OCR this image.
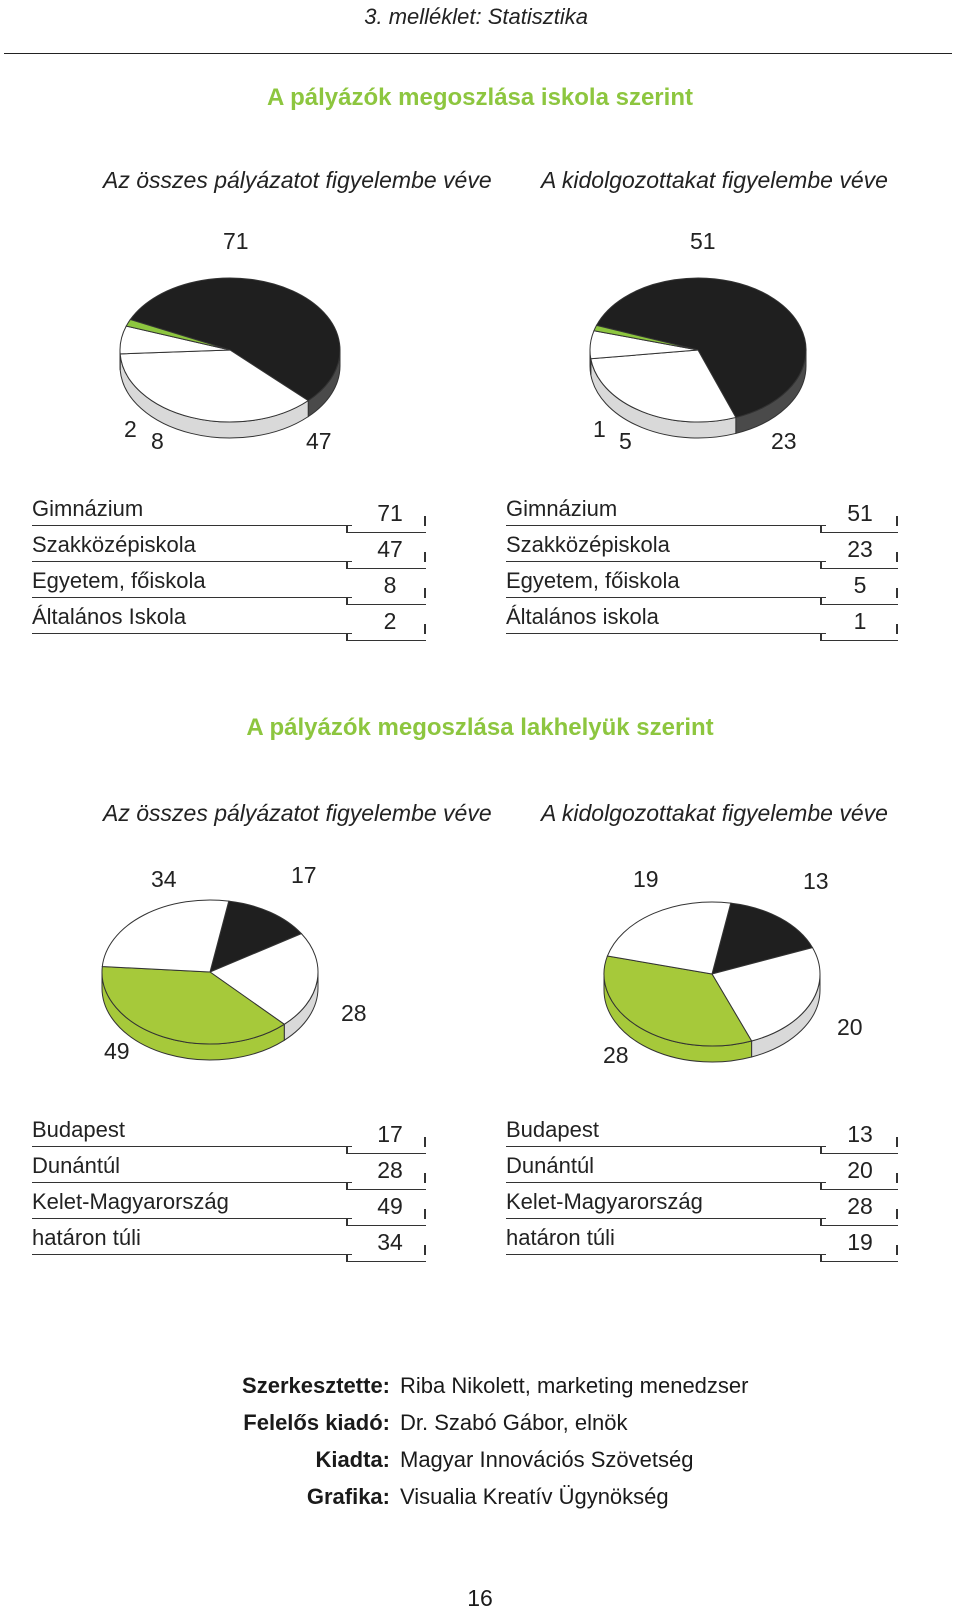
3. melléklet: Statisztika
A pályázók megoszlása iskola szerint
Az összes pályázatot figyelembe véve A kidolgozottakat figyelembe véve
71
2 8	47
51
1 5	23
Gimnázium	71
Szakközépiskola	47
Egyetem, főiskola	8
Általános Iskola	2
Gimnázium	51
Szakközépiskola	23
Egyetem, főiskola	5
Általános iskola	1
A pályázók megoszlása lakhelyük szerint
Az összes pályázatot figyelembe véve A kidolgozottakat figyelembe véve
34	17
28
49
19	13
20
28
Budapest	17
Dunántúl	28
Kelet-Magyarország	49
határon túli	34
Budapest	13
Dunántúl	20
Kelet-Magyarország	28
határon túli	19
Szerkesztette: Riba Nikolett, marketing menedzser
Felelős kiadó: Dr. Szabó Gábor, elnök
Kiadta: Magyar Innovációs Szövetség
Grafika: Visualia Kreatív Ügynökség
16
